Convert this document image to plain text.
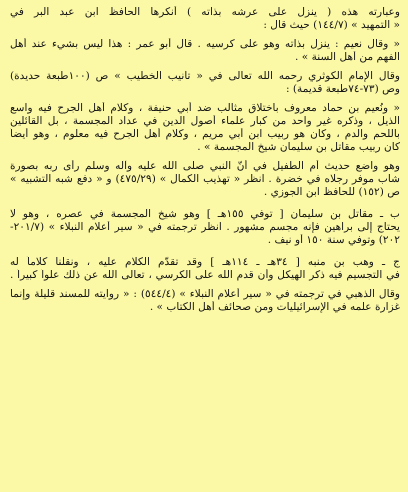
وعبارته هذه ( ينزل على عرشه بذاته ) أنكرها الحافظ ابن عبد البر في
« التمهيد » (١٤٤/٧) حيث قال :
« وقال نعيم : ينزل بذاته وهو على كرسيه . قال أبو عمر : هذا ليس بشيء عند أهل
الفهم من أهل السنة » .
وقال الإمام الكوثري رحمه الله تعالى في « تأنيب الخطيب » ص (١٠٠طبعة حديدة)
وص (٧٣-٧٤طبعة قديمة) :
« ونُعيم بن حماد معروف باختلاق مثالب ضد أبي حنيفة ، وكلام أهل الجرح فيه واسع
الذيل ، وذكره غير واحد من كبار علماء أصول الدين في عداد المجسمة ، بل القائلين
باللحم والدم ، وكان هو ربيب ابن أبي مريم ، وكلام أهل الجرح فيه معلوم ، وهو أيضاً
كان ربيب مقاتل بن سليمان شيخ المجسمة » .
وهو واضع حديث أم الطفيل في أنّ النبي صلى الله عليه وآله وسلم رأى ربه بصورة
شاب موفر رجلاه في خضرة . انظر « تهذيب الكمال » (٤٧٥/٢٩) و « دفع شبه التشبيه »
ص (١٥٢) للحافظ ابن الجوزي .
ب ـ مقاتل بن سليمان [ توفي ١٥٥هـ ] وهو شيخ المجسمة في عصره ، وهو لا
يحتاج إلى براهين فإنه مجسم مشهور . انظر ترجمته في « سير أعلام النبلاء » (٢٠١/٧-
٢٠٢) وتوفي سنة ١٥٠ أو نيف .
ج ـ وهب بن منبه [ ٣٤هـ ـ ١١٤هـ ] وقد تقدّم الكلام عليه ، ونقلنا كلاماً له
في التجسيم فيه ذكر الهيكل وأن قدم الله على الكرسي ، تعالى الله عن ذلك علواً كبيراً .
وقال الذهبي في ترجمته في « سير أعلام النبلاء » (٥٤٤/٤) : « روايته للمسند قليلة وإنما
غزارة علمه في الإسرائيليات ومن صحائف أهل الكتاب » .
